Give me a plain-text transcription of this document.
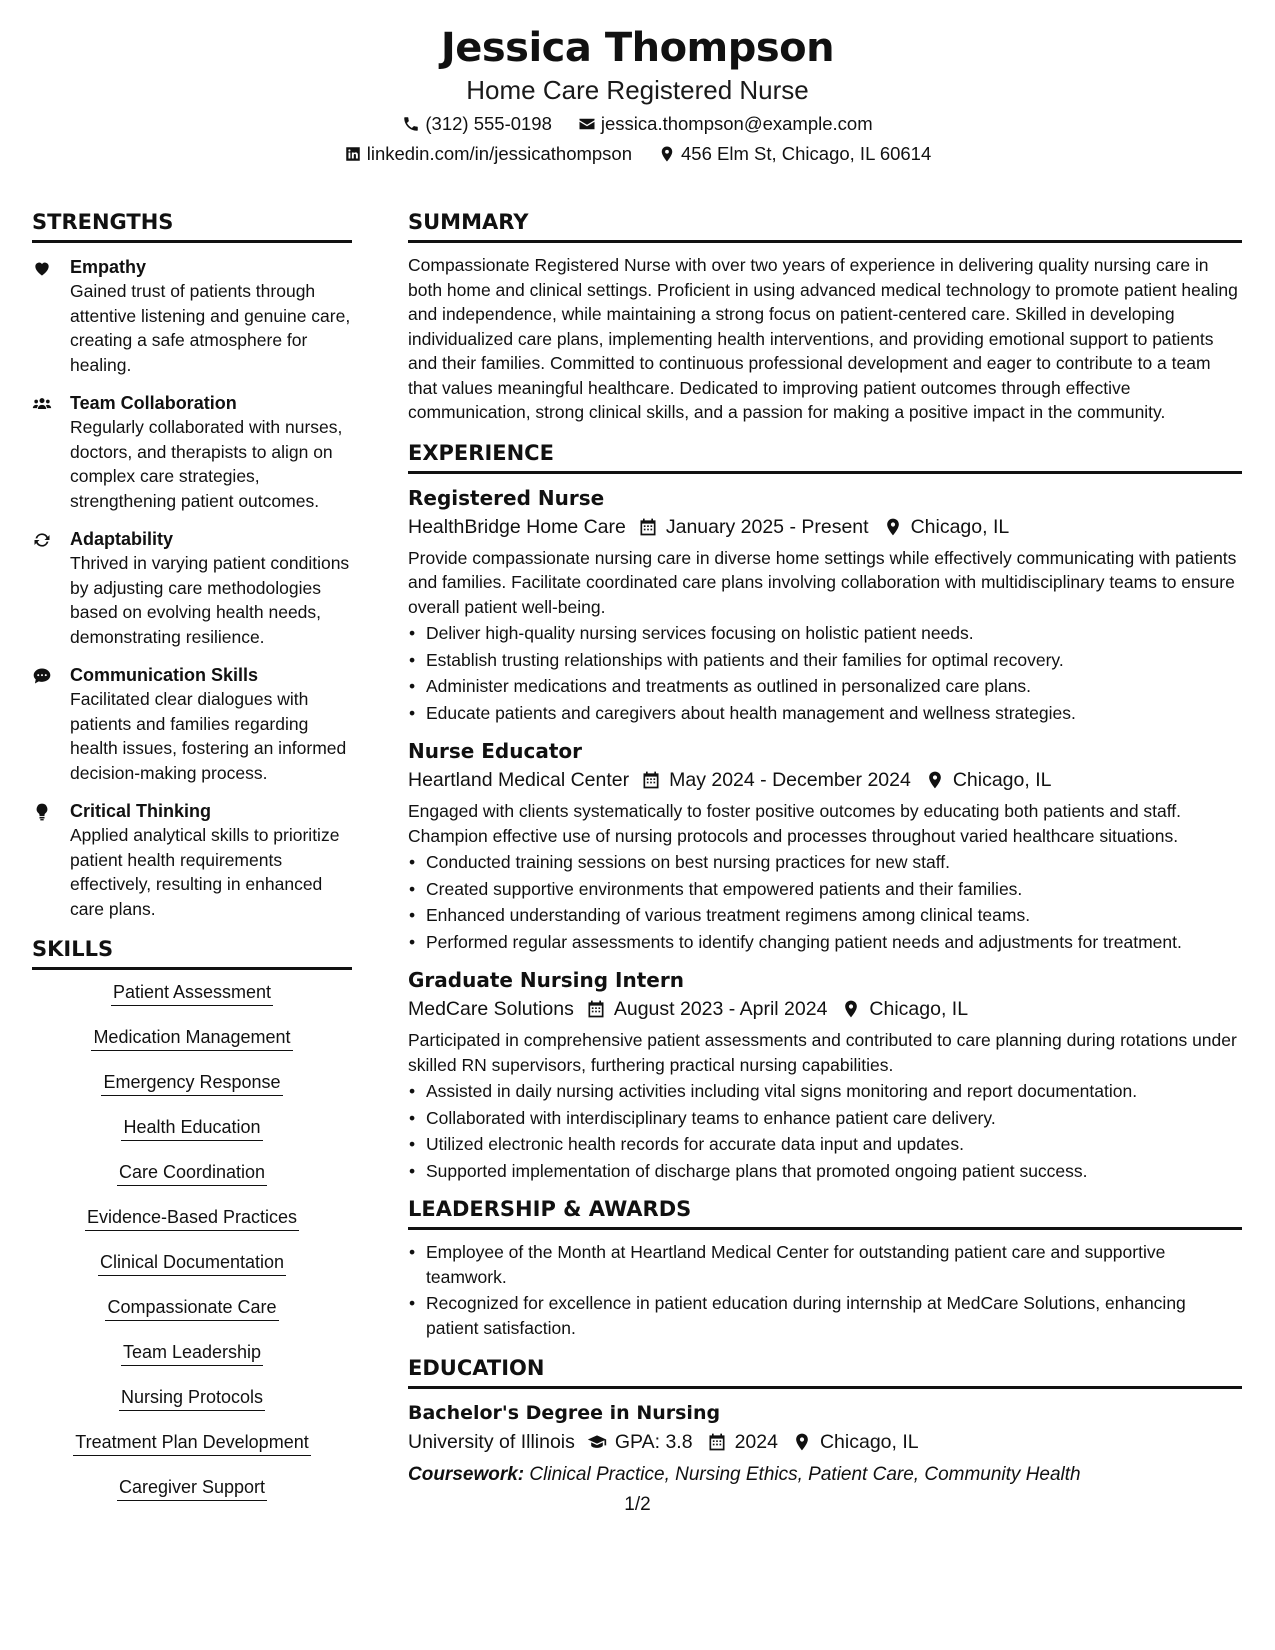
Jessica Thompson
Home Care Registered Nurse
(312) 555-0198	jessica.thompson@example.com
linkedin.com/in/jessicathompson	456 Elm St, Chicago, IL 60614
STRENGTHS
Empathy
Gained trust of patients through attentive listening and genuine care, creating a safe atmosphere for healing.
Team Collaboration
Regularly collaborated with nurses, doctors, and therapists to align on complex care strategies, strengthening patient outcomes.
Adaptability
Thrived in varying patient conditions by adjusting care methodologies based on evolving health needs, demonstrating resilience.
Communication Skills
Facilitated clear dialogues with patients and families regarding health issues, fostering an informed decision-making process.
Critical Thinking
Applied analytical skills to prioritize patient health requirements effectively, resulting in enhanced care plans.
SKILLS
Patient Assessment
Medication Management
Emergency Response
Health Education
Care Coordination
Evidence-Based Practices
Clinical Documentation
Compassionate Care
Team Leadership
Nursing Protocols
Treatment Plan Development
Caregiver Support
SUMMARY
Compassionate Registered Nurse with over two years of experience in delivering quality nursing care in both home and clinical settings. Proficient in using advanced medical technology to promote patient healing and independence, while maintaining a strong focus on patient-centered care. Skilled in developing individualized care plans, implementing health interventions, and providing emotional support to patients and their families. Committed to continuous professional development and eager to contribute to a team that values meaningful healthcare. Dedicated to improving patient outcomes through effective communication, strong clinical skills, and a passion for making a positive impact in the community.
EXPERIENCE
Registered Nurse
HealthBridge Home Care January 2025 - Present Chicago, IL
Provide compassionate nursing care in diverse home settings while effectively communicating with patients and families. Facilitate coordinated care plans involving collaboration with multidisciplinary teams to ensure overall patient well-being.
• Deliver high-quality nursing services focusing on holistic patient needs.
• Establish trusting relationships with patients and their families for optimal recovery.
• Administer medications and treatments as outlined in personalized care plans.
• Educate patients and caregivers about health management and wellness strategies.
Nurse Educator
Heartland Medical Center May 2024 - December 2024 Chicago, IL
Engaged with clients systematically to foster positive outcomes by educating both patients and staff. Champion effective use of nursing protocols and processes throughout varied healthcare situations.
• Conducted training sessions on best nursing practices for new staff.
• Created supportive environments that empowered patients and their families.
• Enhanced understanding of various treatment regimens among clinical teams.
• Performed regular assessments to identify changing patient needs and adjustments for treatment.
Graduate Nursing Intern
MedCare Solutions August 2023 - April 2024 Chicago, IL
Participated in comprehensive patient assessments and contributed to care planning during rotations under skilled RN supervisors, furthering practical nursing capabilities.
• Assisted in daily nursing activities including vital signs monitoring and report documentation.
• Collaborated with interdisciplinary teams to enhance patient care delivery.
• Utilized electronic health records for accurate data input and updates.
• Supported implementation of discharge plans that promoted ongoing patient success.
LEADERSHIP & AWARDS
• Employee of the Month at Heartland Medical Center for outstanding patient care and supportive teamwork.
• Recognized for excellence in patient education during internship at MedCare Solutions, enhancing patient satisfaction.
EDUCATION
Bachelor's Degree in Nursing
University of Illinois GPA: 3.8 2024 Chicago, IL
Coursework: Clinical Practice, Nursing Ethics, Patient Care, Community Health
1/2
